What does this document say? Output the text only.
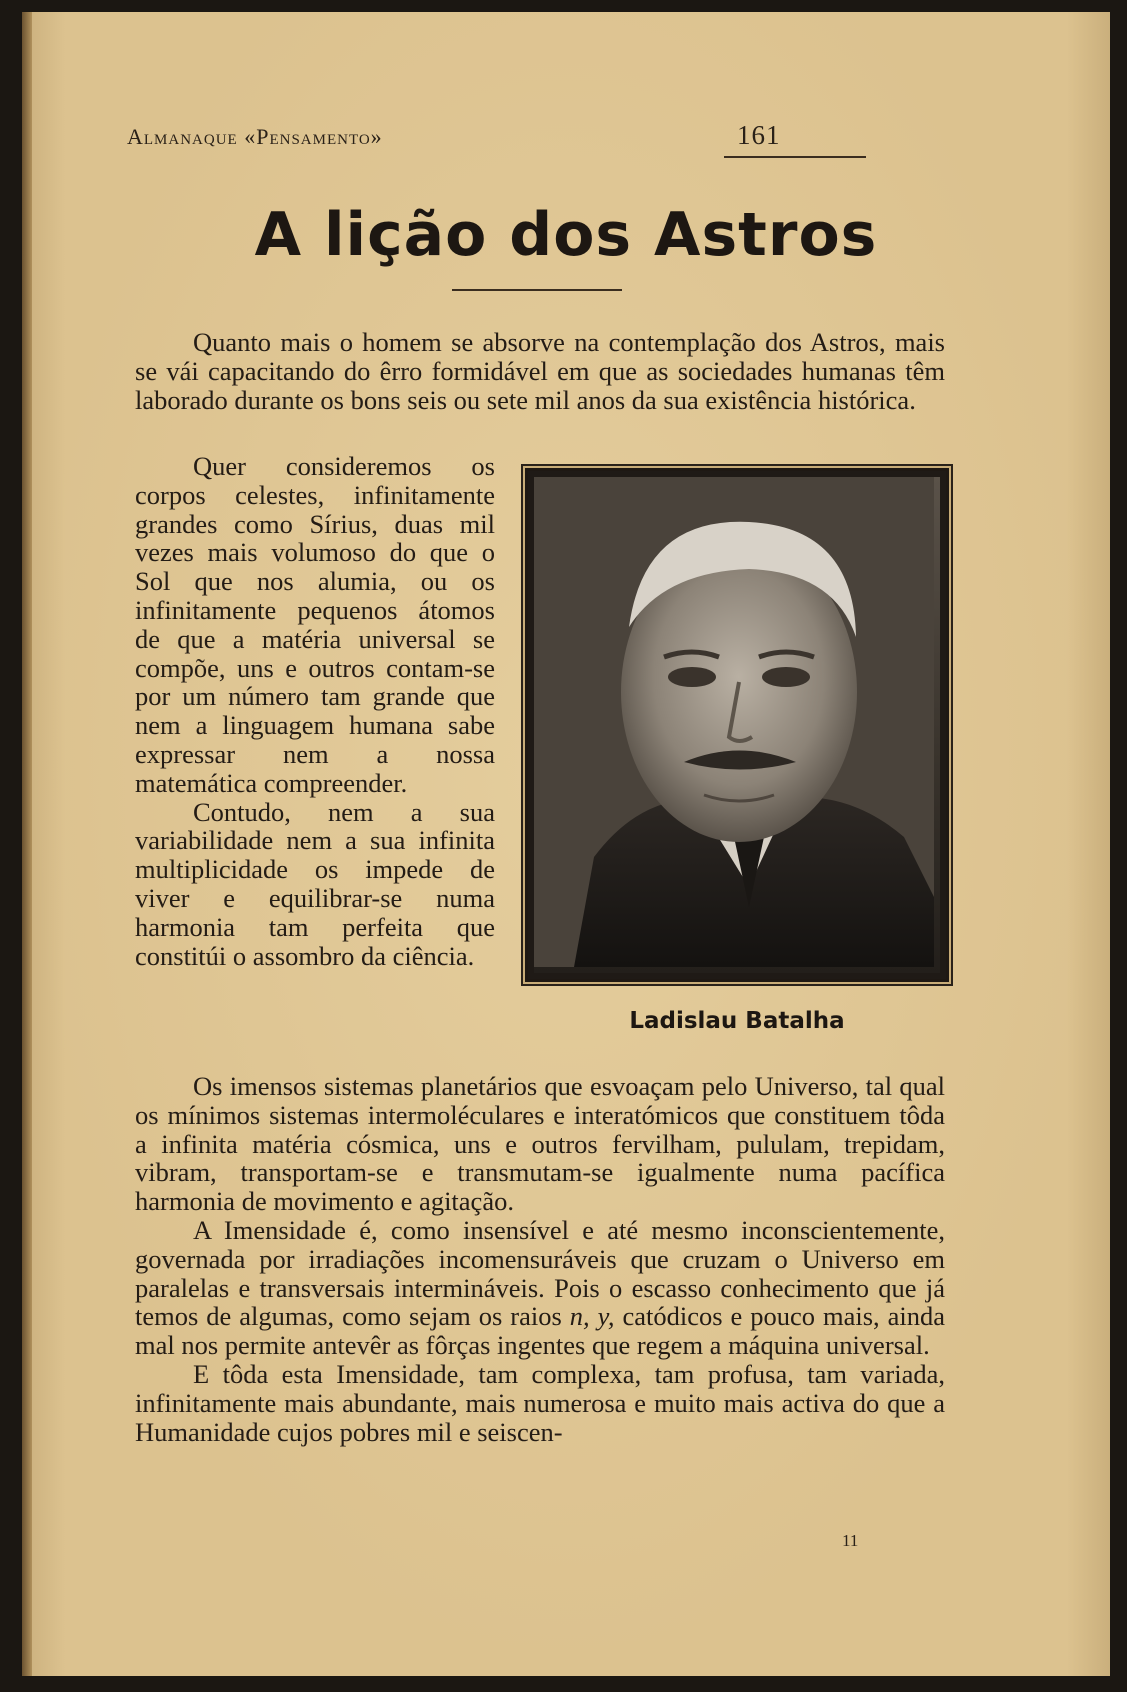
Almanaque «Pensamento»	161
A lição dos Astros

Quanto mais o homem se absorve na contemplação dos Astros, mais se vái capacitando do êrro formidável em que as sociedades humanas têm laborado durante os bons seis ou sete mil anos da sua existência histórica.

Quer consideremos os corpos celestes, infinitamente grandes como Sírius, duas mil vezes mais volumoso do que o Sol que nos alumia, ou os infinitamente pequenos átomos de que a matéria universal se compõe, uns e outros contam-se por um número tam grande que nem a linguagem humana sabe expressar nem a nossa matemática compreender.

Contudo, nem a sua variabilidade nem a sua infinita multiplicidade os impede de viver e equilibrar-se numa harmonia tam perfeita que constitúi o assombro da ciência.

Ladislau Batalha

Os imensos sistemas planetários que esvoaçam pelo Universo, tal qual os mínimos sistemas intermoléculares e interatómicos que constituem tôda a infinita matéria cósmica, uns e outros fervilham, pululam, trepidam, vibram, transportam-se e transmutam-se igualmente numa pacífica harmonia de movimento e agitação.

A Imensidade é, como insensível e até mesmo inconscientemente, governada por irradiações incomensuráveis que cruzam o Universo em paralelas e transversais intermináveis. Pois o escasso conhecimento que já temos de algumas, como sejam os raios n, y, catódicos e pouco mais, ainda mal nos permite antevêr as fôrças ingentes que regem a máquina universal.

E tôda esta Imensidade, tam complexa, tam profusa, tam variada, infinitamente mais abundante, mais numerosa e muito mais activa do que a Humanidade cujos pobres mil e seiscen-

11
